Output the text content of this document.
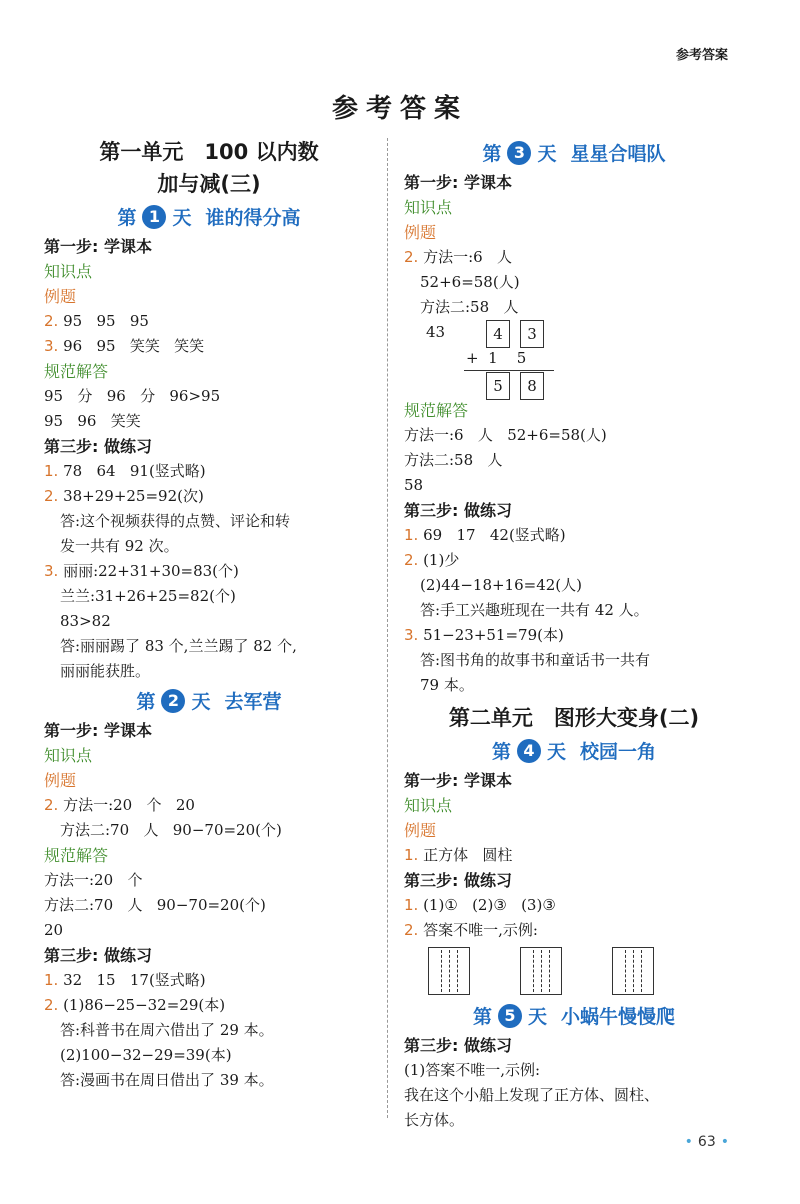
参考答案
参考答案
第一单元　100 以内数
加与减(三)
第 1 天 谁的得分高
第一步: 学课本
知识点
例题
2. 95   95   95
3. 96   95   笑笑   笑笑
规范解答
95   分   96   分   96>95
95   96   笑笑
第三步: 做练习
1. 78   64   91(竖式略)
2. 38+29+25=92(次)
答:这个视频获得的点赞、评论和转
发一共有 92 次。
3. 丽丽:22+31+30=83(个)
兰兰:31+26+25=82(个)
83>82
答:丽丽踢了 83 个,兰兰踢了 82 个,
丽丽能获胜。
第 2 天 去军营
第一步: 学课本
知识点
例题
2. 方法一:20   个   20
方法二:70   人   90−70=20(个)
规范解答
方法一:20   个
方法二:70   人   90−70=20(个)
20
第三步: 做练习
1. 32   15   17(竖式略)
2. (1)86−25−32=29(本)
答:科普书在周六借出了 29 本。
(2)100−32−29=39(本)
答:漫画书在周日借出了 39 本。
第 3 天 星星合唱队
第一步: 学课本
知识点
例题
2. 方法一:6   人
52+6=58(人)
方法二:58   人
43	4	3
+  1    5
5	8
规范解答
方法一:6   人   52+6=58(人)
方法二:58   人
58
第三步: 做练习
1. 69   17   42(竖式略)
2. (1)少
(2)44−18+16=42(人)
答:手工兴趣班现在一共有 42 人。
3. 51−23+51=79(本)
答:图书角的故事书和童话书一共有
79 本。
第二单元　图形大变身(二)
第 4 天 校园一角
第一步: 学课本
知识点
例题
1. 正方体   圆柱
第三步: 做练习
1. (1)①   (2)③   (3)③
2. 答案不唯一,示例:
第 5 天 小蜗牛慢慢爬
第三步: 做练习
(1)答案不唯一,示例:
我在这个小船上发现了正方体、圆柱、
长方体。
• 63 •
